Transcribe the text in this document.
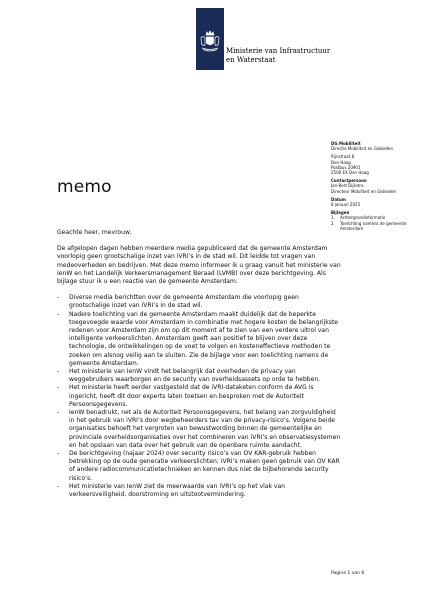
Ministerie van Infrastructuur
en Waterstaat
DG Mobiliteit
Directie Mobiliteit en Gebieden
Rijnstraat 8
Den Haag
Postbus 20901
2500 EX Den Haag
Contactpersoon
Jan-Bert Dijkstra
Directeur Mobiliteit en Gebieden
Datum
8 januari 2025
Bijlagen
1.	Achtergrondinformatie
2.	Toelichting namens de gemeente Amsterdam
memo

Geachte heer, mevrouw,

De afgelopen dagen hebben meerdere media gepubliceerd dat de gemeente Amsterdam voorlopig geen grootschalige inzet van iVRI’s in de stad wil. Dit leidde tot vragen van medeoverheden en bedrijven. Met deze memo informeer ik u graag vanuit het ministerie van IenW en het Landelijk Verkeersmanagement Beraad (LVMB) over deze berichtgeving. Als bijlage stuur ik u een reactie van de gemeente Amsterdam.

- Diverse media berichtten over de gemeente Amsterdam die voorlopig geen grootschalige inzet van iVRI’s in de stad wil.
- Nadere toelichting van de gemeente Amsterdam maakt duidelijk dat de beperkte toegevoegde waarde voor Amsterdam in combinatie met hogere kosten de belangrijkste redenen voor Amsterdam zijn om op dit moment af te zien van een verdere uitrol van intelligente verkeerslichten. Amsterdam geeft aan positief te blijven over deze technologie, de ontwikkelingen op de voet te volgen en kosteneffectieve methoden te zoeken om alsnog veilig aan te sluiten. Zie de bijlage voor een toelichting namens de gemeente Amsterdam.
- Het ministerie van IenW vindt het belangrijk dat overheden de privacy van weggebruikers waarborgen en de security van overheidsassets op orde te hebben.
- Het ministerie heeft eerder vastgesteld dat de iVRI-dataketen conform de AVG is ingericht, heeft dit door experts laten toetsen en besproken met de Autoriteit Persoonsgegevens.
- IenW benadrukt, net als de Autoriteit Persoonsgegevens, het belang van zorgvuldigheid in het gebruik van iVRI’s door wegbeheerders tav van de privacy-risico’s. Volgens beide organisaties behoeft het vergroten van bewustwording binnen de gemeentelijke en provinciale overheidsorganisaties over het combineren van iVRI’s en observatiesystemen en het opslaan van data over het gebruik van de openbare ruimte aandacht.
- De berichtgeving (najaar 2024) over security risico’s van OV KAR-gebruik hebben betrekking op de oude generatie verkeerslichten; iVRI’s maken geen gebruik van OV KAR of andere radiocommunicatietechnieken en kennen dus niet de bijbehorende security risico’s.
- Het ministerie van IenW ziet de meerwaarde van iVRI’s op het vlak van verkeersveiligheid, doorstroming en uitstootvermindering.
Pagina 1 van 6
